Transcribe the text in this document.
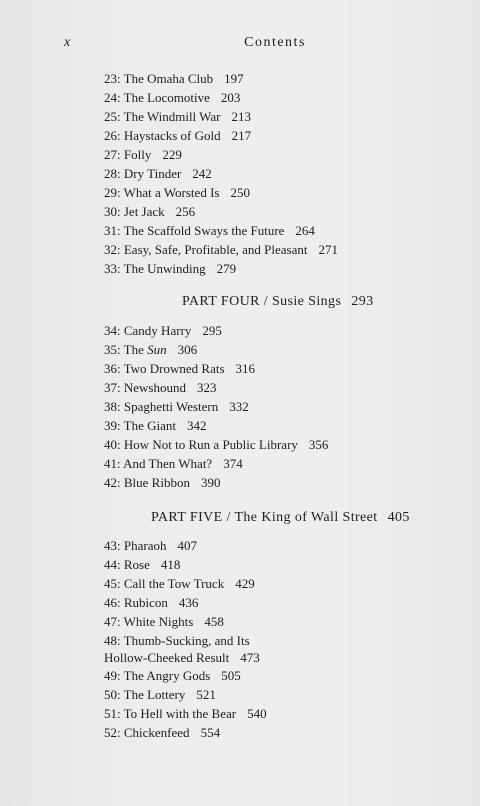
x	Contents
23: The Omaha Club 197
24: The Locomotive 203
25: The Windmill War 213
26: Haystacks of Gold 217
27: Folly 229
28: Dry Tinder 242
29: What a Worsted Is 250
30: Jet Jack 256
31: The Scaffold Sways the Future 264
32: Easy, Safe, Profitable, and Pleasant 271
33: The Unwinding 279
PART FOUR / Susie Sings 293
34: Candy Harry 295
35: The Sun 306
36: Two Drowned Rats 316
37: Newshound 323
38: Spaghetti Western 332
39: The Giant 342
40: How Not to Run a Public Library 356
41: And Then What? 374
42: Blue Ribbon 390
PART FIVE / The King of Wall Street 405
43: Pharaoh 407
44: Rose 418
45: Call the Tow Truck 429
46: Rubicon 436
47: White Nights 458
48: Thumb-Sucking, and Its
Hollow-Cheeked Result 473
49: The Angry Gods 505
50: The Lottery 521
51: To Hell with the Bear 540
52: Chickenfeed 554
